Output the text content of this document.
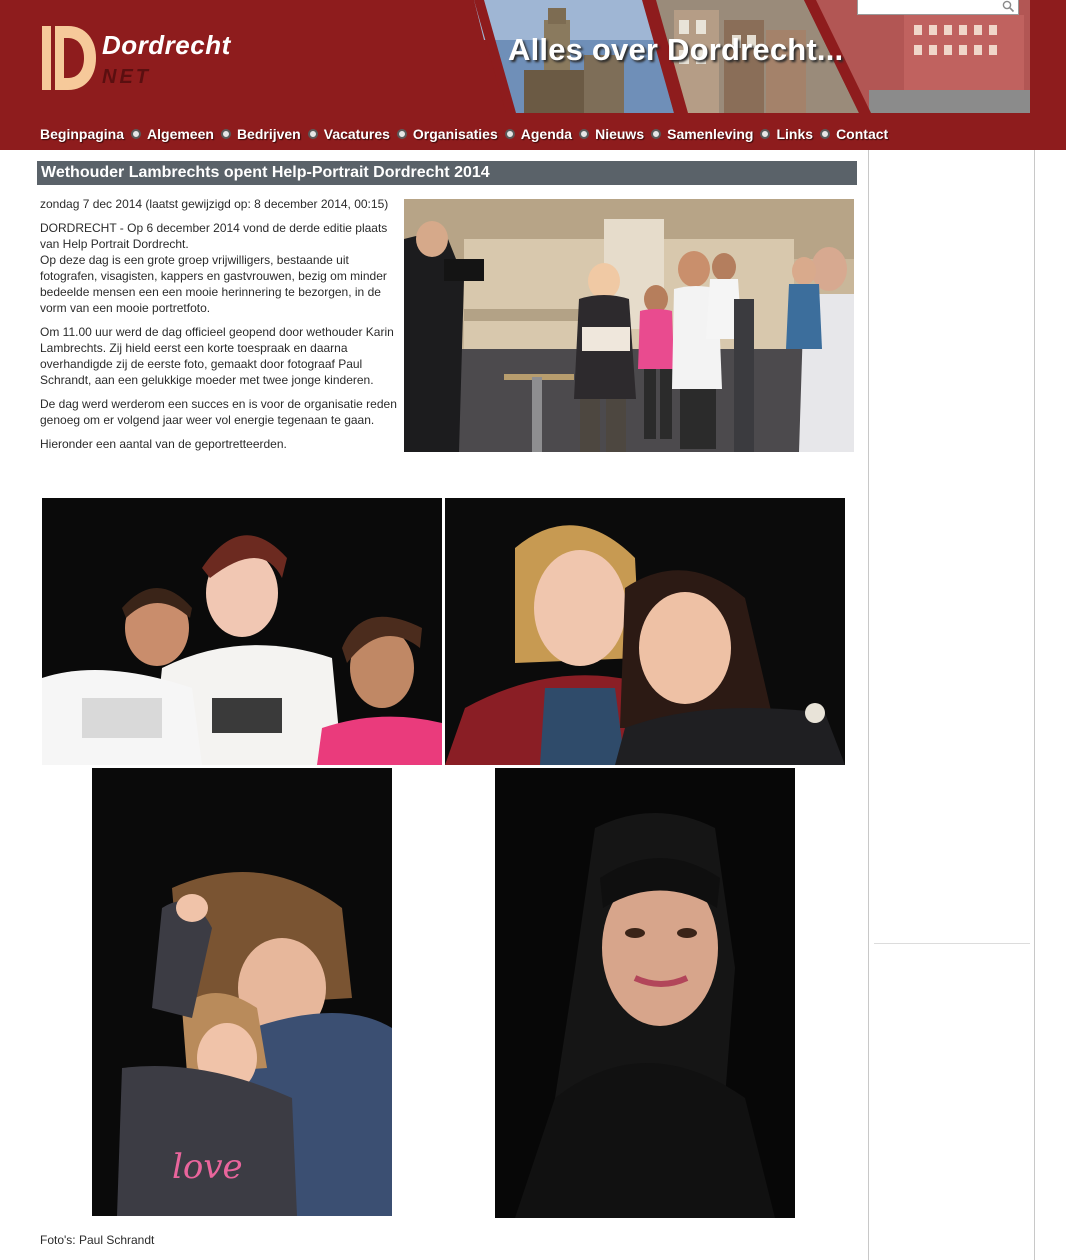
Dordrecht
NET
Alles over Dordrecht...
Beginpagina Algemeen Bedrijven Vacatures Organisaties Agenda Nieuws Samenleving Links Contact
Wethouder Lambrechts opent Help-Portrait Dordrecht 2014

zondag 7 dec 2014 (laatst gewijzigd op: 8 december 2014, 00:15)

DORDRECHT - Op 6 december 2014 vond de derde editie plaats van Help Portrait Dordrecht.
Op deze dag is een grote groep vrijwilligers, bestaande uit fotografen, visagisten, kappers en gastvrouwen, bezig om minder bedeelde mensen een een mooie herinnering te bezorgen, in de vorm van een mooie portretfoto.

Om 11.00 uur werd de dag officieel geopend door wethouder Karin Lambrechts. Zij hield eerst een korte toespraak en daarna overhandigde zij de eerste foto, gemaakt door fotograaf Paul Schrandt, aan een gelukkige moeder met twee jonge kinderen.

De dag werd werderom een succes en is voor de organisatie reden genoeg om er volgend jaar weer vol energie tegenaan te gaan.

Hieronder een aantal van de geportretteerden.

love
Foto's: Paul Schrandt
